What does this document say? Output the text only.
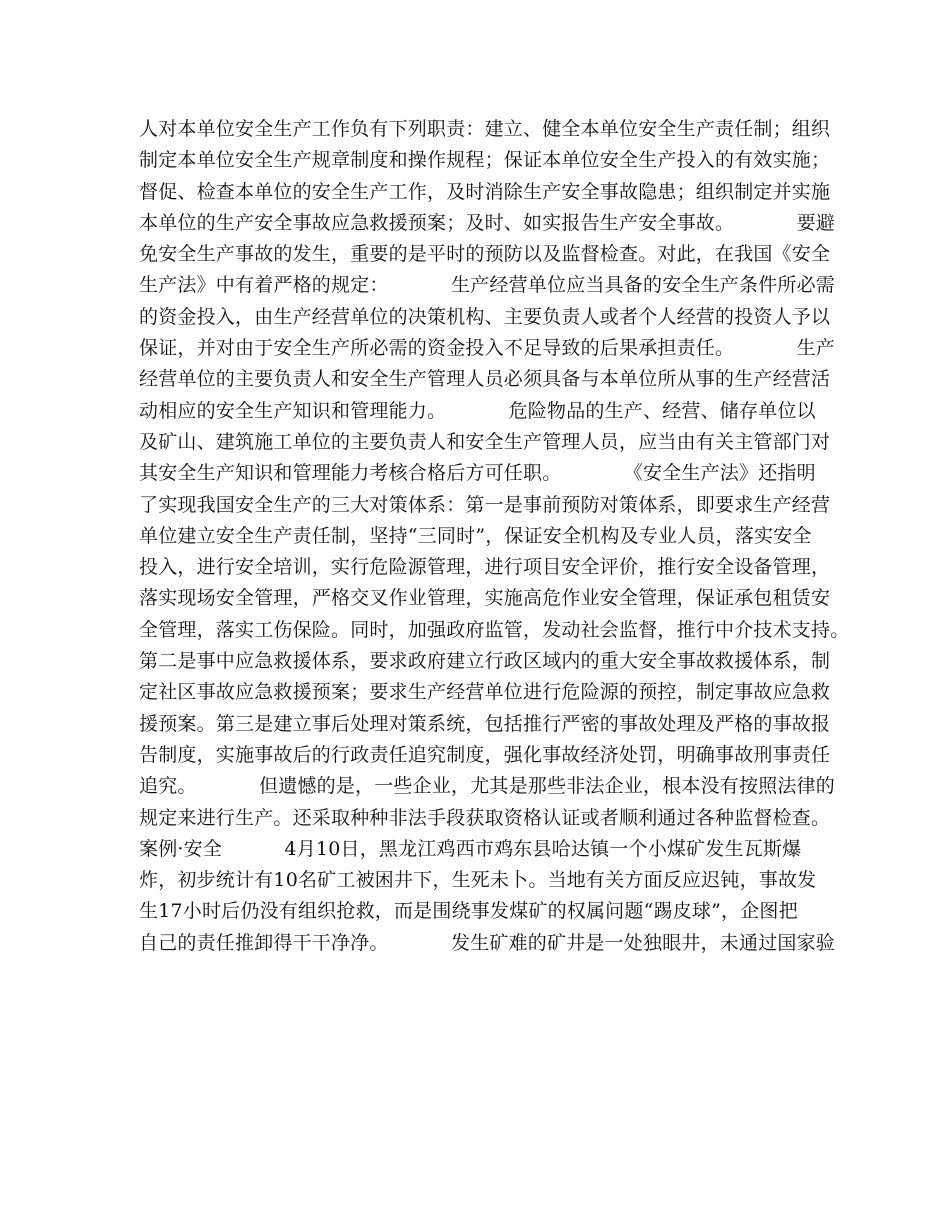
人对本单位安全生产工作负有下列职责：建立、健全本单位安全生产责任制；组织
制定本单位安全生产规章制度和操作规程；保证本单位安全生产投入的有效实施；
督促、检查本单位的安全生产工作，及时消除生产安全事故隐患；组织制定并实施
本单位的生产安全事故应急救援预案；及时、如实报告生产安全事故。          要避
免安全生产事故的发生，重要的是平时的预防以及监督检查。对此，在我国《安全
生产法》中有着严格的规定：          生产经营单位应当具备的安全生产条件所必需
的资金投入，由生产经营单位的决策机构、主要负责人或者个人经营的投资人予以
保证，并对由于安全生产所必需的资金投入不足导致的后果承担责任。          生产
经营单位的主要负责人和安全生产管理人员必须具备与本单位所从事的生产经营活
动相应的安全生产知识和管理能力。          危险物品的生产、经营、储存单位以
及矿山、建筑施工单位的主要负责人和安全生产管理人员，应当由有关主管部门对
其安全生产知识和管理能力考核合格后方可任职。          《安全生产法》还指明
了实现我国安全生产的三大对策体系：第一是事前预防对策体系，即要求生产经营
单位建立安全生产责任制，坚持“三同时”，保证安全机构及专业人员，落实安全
投入，进行安全培训，实行危险源管理，进行项目安全评价，推行安全设备管理，
落实现场安全管理，严格交叉作业管理，实施高危作业安全管理，保证承包租赁安
全管理，落实工伤保险。同时，加强政府监管，发动社会监督，推行中介技术支持。
第二是事中应急救援体系，要求政府建立行政区域内的重大安全事故救援体系，制
定社区事故应急救援预案；要求生产经营单位进行危险源的预控，制定事故应急救
援预案。第三是建立事后处理对策系统，包括推行严密的事故处理及严格的事故报
告制度，实施事故后的行政责任追究制度，强化事故经济处罚，明确事故刑事责任
追究。          但遗憾的是，一些企业，尤其是那些非法企业，根本没有按照法律的
规定来进行生产。还采取种种非法手段获取资格认证或者顺利通过各种监督检查。
案例·安全          4月10日，黑龙江鸡西市鸡东县哈达镇一个小煤矿发生瓦斯爆
炸，初步统计有10名矿工被困井下，生死未卜。当地有关方面反应迟钝，事故发
生17小时后仍没有组织抢救，而是围绕事发煤矿的权属问题“踢皮球”，企图把
自己的责任推卸得干干净净。          发生矿难的矿井是一处独眼井，未通过国家验
